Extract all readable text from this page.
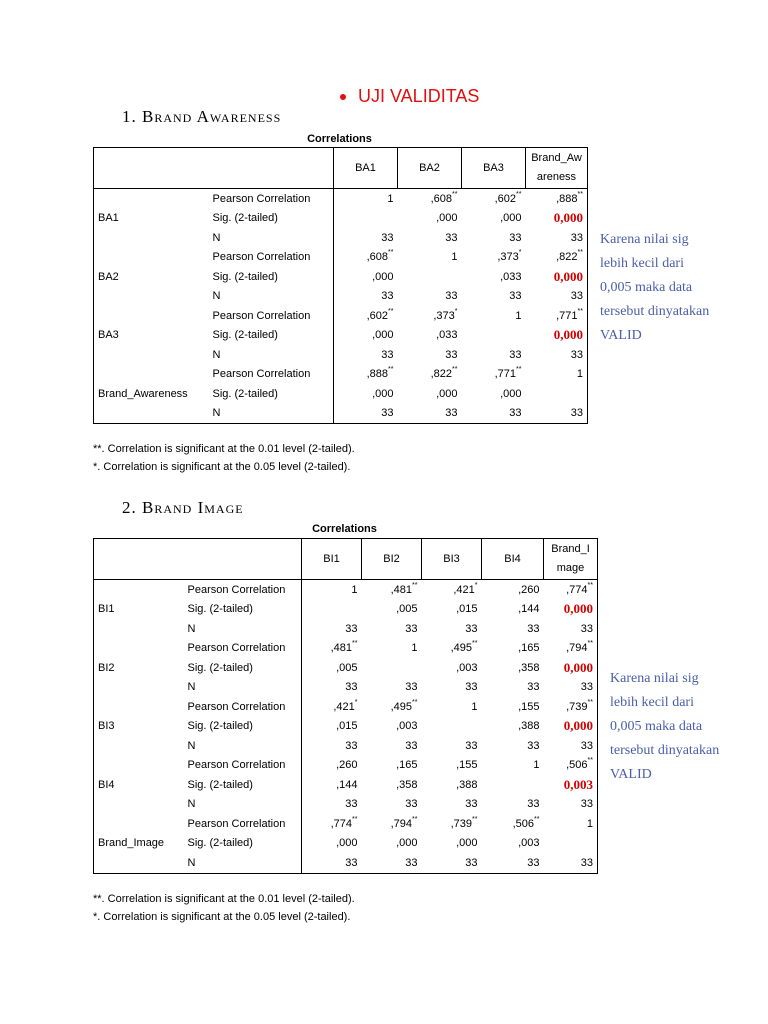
UJI VALIDITAS
1. Brand Awareness
Correlations
		BA1	BA2	BA3	Brand_Aw
areness
BA1	Pearson Correlation	1	,608**	,602**	,888**
	Sig. (2-tailed)		,000	,000	0,000
	N	33	33	33	33
BA2	Pearson Correlation	,608**	1	,373*	,822**
	Sig. (2-tailed)	,000		,033	0,000
	N	33	33	33	33
BA3	Pearson Correlation	,602**	,373*	1	,771**
	Sig. (2-tailed)	,000	,033		0,000
	N	33	33	33	33
Brand_Awareness	Pearson Correlation	,888**	,822**	,771**	1
	Sig. (2-tailed)	,000	,000	,000	
	N	33	33	33	33
**. Correlation is significant at the 0.01 level (2-tailed).
*. Correlation is significant at the 0.05 level (2-tailed).
Karena nilai sig
lebih kecil dari
0,005 maka data
tersebut dinyatakan
VALID
2. Brand Image
Correlations
		BI1	BI2	BI3	BI4	Brand_I
mage
BI1	Pearson Correlation	1	,481**	,421*	,260	,774**
	Sig. (2-tailed)		,005	,015	,144	0,000
	N	33	33	33	33	33
BI2	Pearson Correlation	,481**	1	,495**	,165	,794**
	Sig. (2-tailed)	,005		,003	,358	0,000
	N	33	33	33	33	33
BI3	Pearson Correlation	,421*	,495**	1	,155	,739**
	Sig. (2-tailed)	,015	,003		,388	0,000
	N	33	33	33	33	33
BI4	Pearson Correlation	,260	,165	,155	1	,506**
	Sig. (2-tailed)	,144	,358	,388		0,003
	N	33	33	33	33	33
Brand_Image	Pearson Correlation	,774**	,794**	,739**	,506**	1
	Sig. (2-tailed)	,000	,000	,000	,003	
	N	33	33	33	33	33
**. Correlation is significant at the 0.01 level (2-tailed).
*. Correlation is significant at the 0.05 level (2-tailed).
Karena nilai sig
lebih kecil dari
0,005 maka data
tersebut dinyatakan
VALID
